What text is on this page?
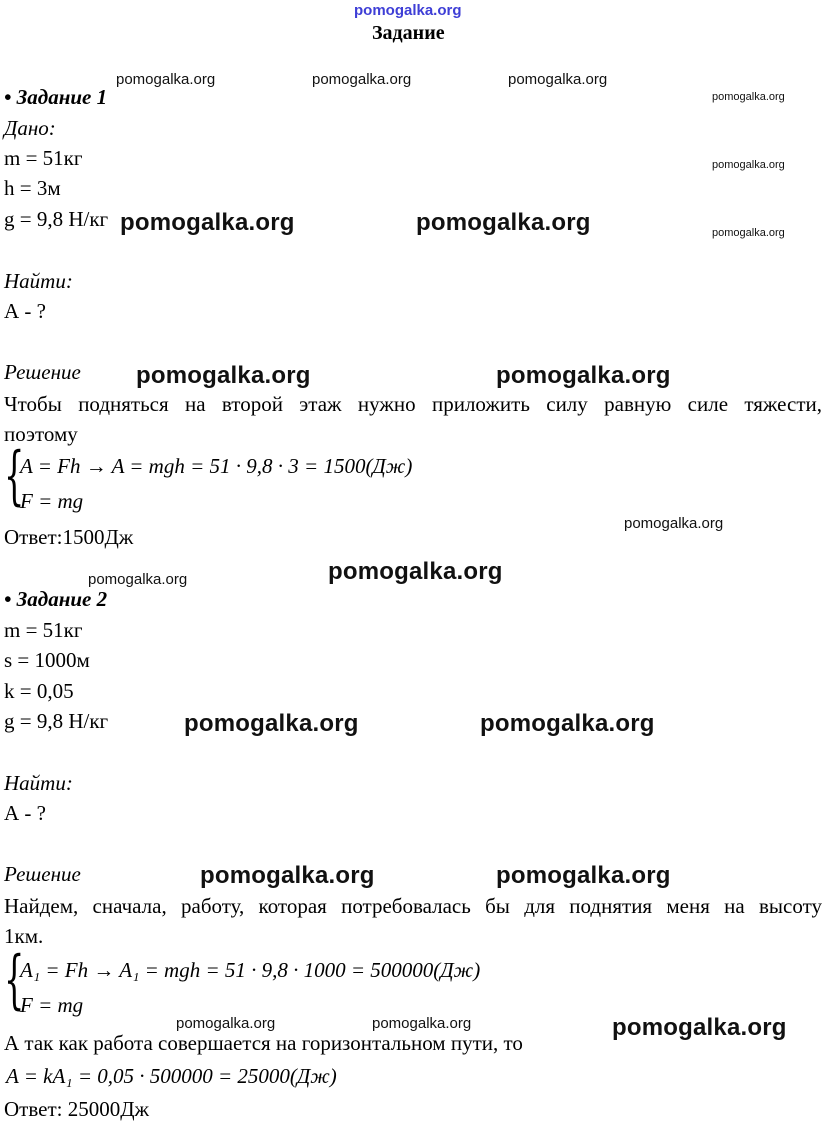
pomogalka.org
Задание
• Задание 1
Дано:
m = 51кг
h = 3м
g = 9,8 Н/кг
Найти:
А - ?
Решение
Чтобы подняться на второй этаж нужно приложить силу равную силе тяжести,
поэтому
{
A = Fh → A = mgh = 51 · 9,8 · 3 = 1500(Дж)
F = mg
Ответ:1500Дж
• Задание 2
m = 51кг
s = 1000м
k = 0,05
g = 9,8 Н/кг
Найти:
А - ?
Решение
Найдем, сначала, работу, которая потребовалась бы для поднятия меня на высоту
1км.
{
A₁ = Fh → A₁ = mgh = 51 · 9,8 · 1000 = 500000(Дж)
F = mg
А так как работа совершается на горизонтальном пути, то
A = kA₁ = 0,05 · 500000 = 25000(Дж)
Ответ: 25000Дж
pomogalka.org	pomogalka.org	pomogalka.org
pomogalka.org
pomogalka.org
pomogalka.org
pomogalka.org	pomogalka.org
pomogalka.org	pomogalka.org
pomogalka.org
pomogalka.org
pomogalka.org
pomogalka.org	pomogalka.org
pomogalka.org	pomogalka.org
pomogalka.org	pomogalka.org	pomogalka.org
